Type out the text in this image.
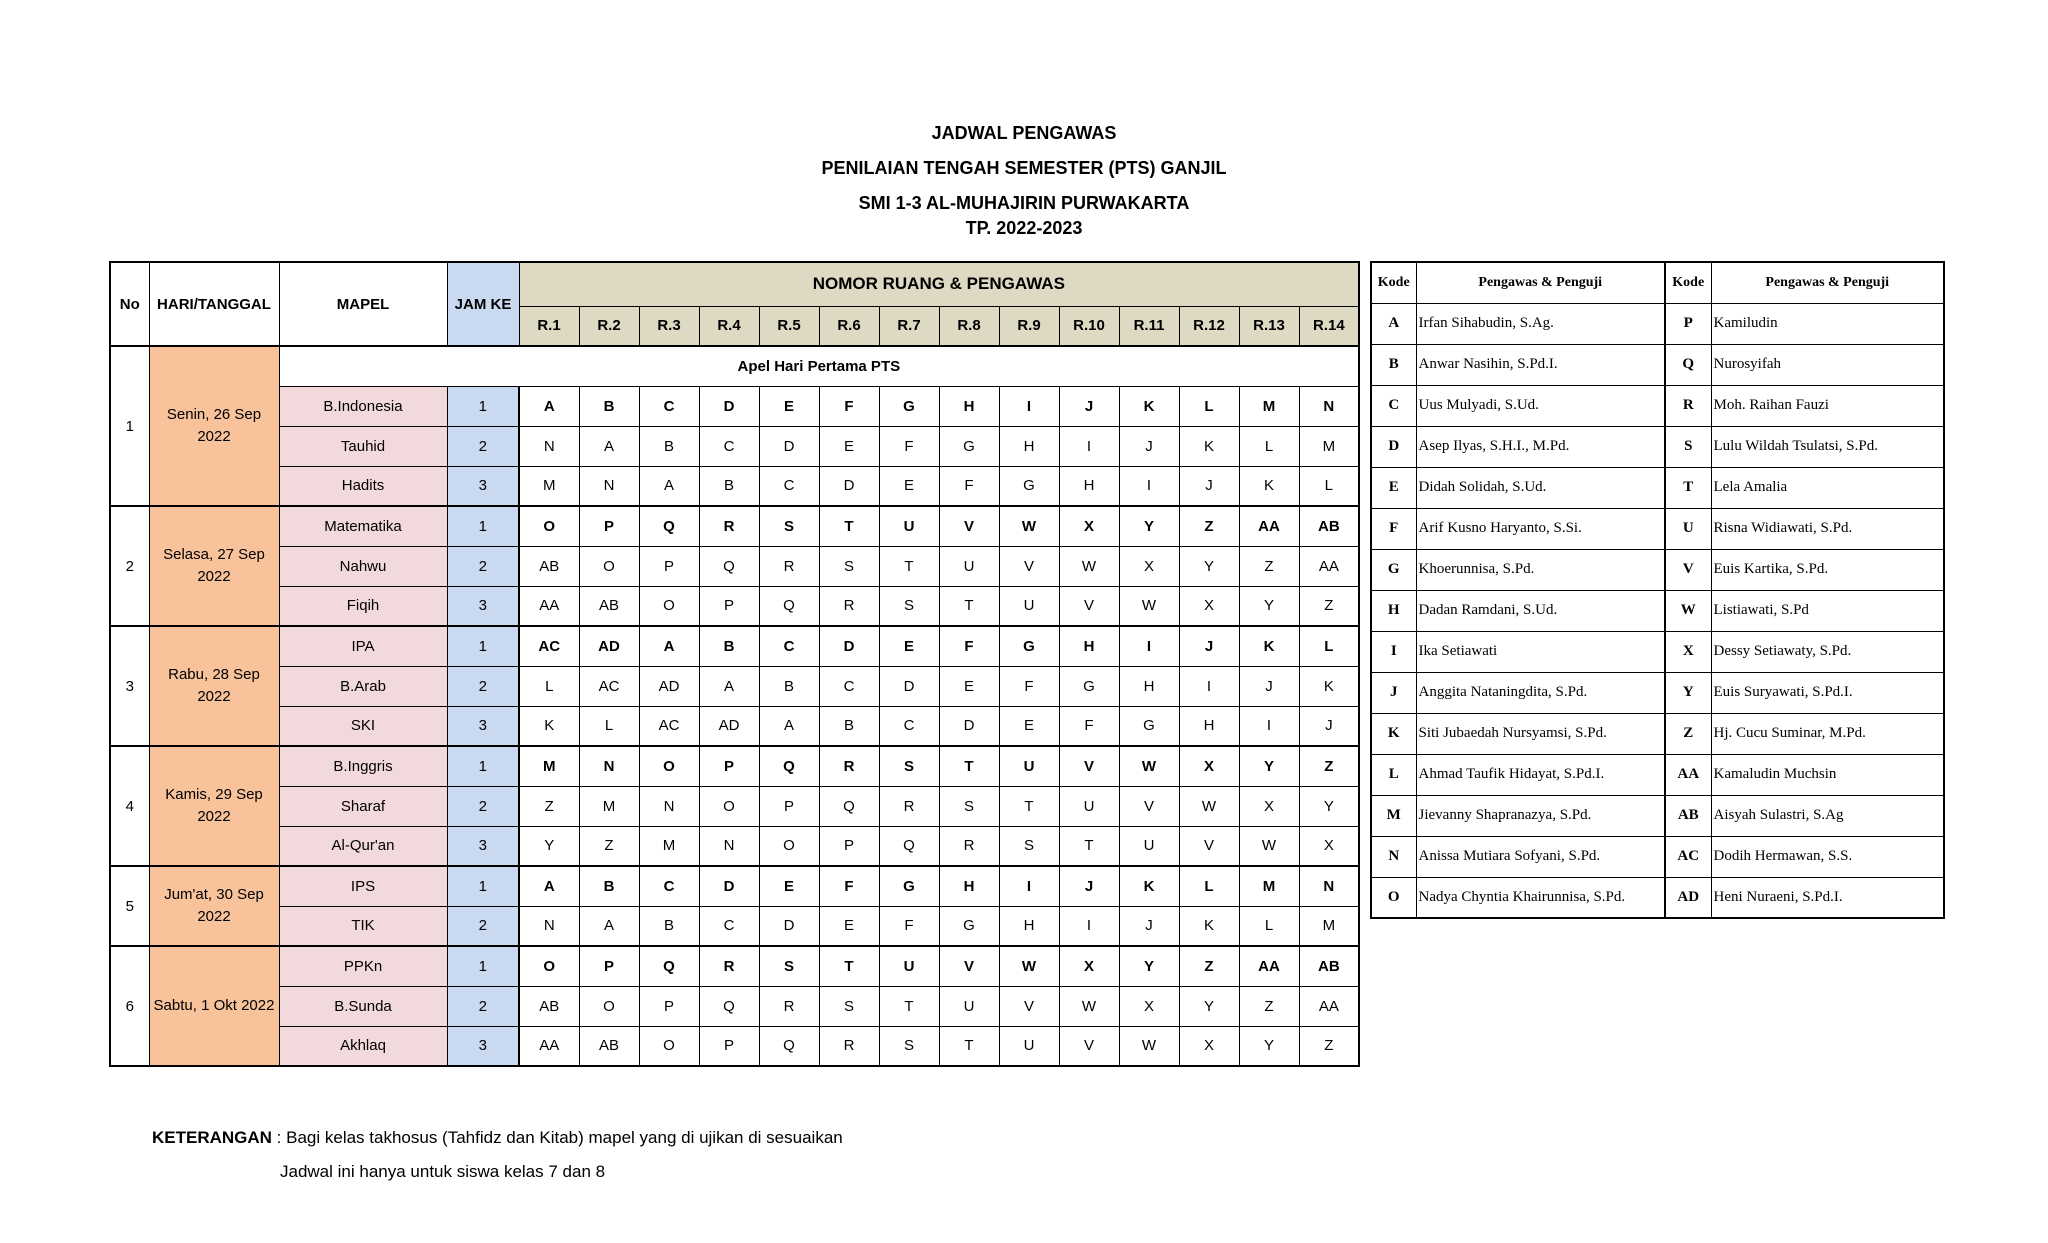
JADWAL PENGAWAS
PENILAIAN TENGAH SEMESTER (PTS) GANJIL
SMI 1-3 AL-MUHAJIRIN PURWAKARTA
TP. 2022-2023
No	HARI/TANGGAL	MAPEL	JAM KE	NOMOR RUANG & PENGAWAS													
				R.1	R.2	R.3	R.4	R.5	R.6	R.7	R.8	R.9	R.10	R.11	R.12	R.13	R.14
1	Senin, 26 Sep 2022	Apel Hari Pertama PTS															
		B.Indonesia	1	A	B	C	D	E	F	G	H	I	J	K	L	M	N
		Tauhid	2	N	A	B	C	D	E	F	G	H	I	J	K	L	M
		Hadits	3	M	N	A	B	C	D	E	F	G	H	I	J	K	L
2	Selasa, 27 Sep 2022	Matematika	1	O	P	Q	R	S	T	U	V	W	X	Y	Z	AA	AB
		Nahwu	2	AB	O	P	Q	R	S	T	U	V	W	X	Y	Z	AA
		Fiqih	3	AA	AB	O	P	Q	R	S	T	U	V	W	X	Y	Z
3	Rabu, 28 Sep 2022	IPA	1	AC	AD	A	B	C	D	E	F	G	H	I	J	K	L
		B.Arab	2	L	AC	AD	A	B	C	D	E	F	G	H	I	J	K
		SKI	3	K	L	AC	AD	A	B	C	D	E	F	G	H	I	J
4	Kamis, 29 Sep 2022	B.Inggris	1	M	N	O	P	Q	R	S	T	U	V	W	X	Y	Z
		Sharaf	2	Z	M	N	O	P	Q	R	S	T	U	V	W	X	Y
		Al-Qur'an	3	Y	Z	M	N	O	P	Q	R	S	T	U	V	W	X
5	Jum'at, 30 Sep 2022	IPS	1	A	B	C	D	E	F	G	H	I	J	K	L	M	N
		TIK	2	N	A	B	C	D	E	F	G	H	I	J	K	L	M
6	Sabtu, 1 Okt 2022	PPKn	1	O	P	Q	R	S	T	U	V	W	X	Y	Z	AA	AB
		B.Sunda	2	AB	O	P	Q	R	S	T	U	V	W	X	Y	Z	AA
		Akhlaq	3	AA	AB	O	P	Q	R	S	T	U	V	W	X	Y	Z
Kode	Pengawas & Penguji	Kode	Pengawas & Penguji
A	Irfan Sihabudin, S.Ag.	P	Kamiludin
B	Anwar Nasihin, S.Pd.I.	Q	Nurosyifah
C	Uus Mulyadi, S.Ud.	R	Moh. Raihan Fauzi
D	Asep Ilyas, S.H.I., M.Pd.	S	Lulu Wildah Tsulatsi, S.Pd.
E	Didah Solidah, S.Ud.	T	Lela Amalia
F	Arif Kusno Haryanto, S.Si.	U	Risna Widiawati, S.Pd.
G	Khoerunnisa, S.Pd.	V	Euis Kartika, S.Pd.
H	Dadan Ramdani, S.Ud.	W	Listiawati, S.Pd
I	Ika Setiawati	X	Dessy Setiawaty, S.Pd.
J	Anggita Nataningdita, S.Pd.	Y	Euis Suryawati, S.Pd.I.
K	Siti Jubaedah Nursyamsi, S.Pd.	Z	Hj. Cucu Suminar, M.Pd.
L	Ahmad Taufik Hidayat, S.Pd.I.	AA	Kamaludin Muchsin
M	Jievanny Shapranazya, S.Pd.	AB	Aisyah Sulastri, S.Ag
N	Anissa Mutiara Sofyani, S.Pd.	AC	Dodih Hermawan, S.S.
O	Nadya Chyntia Khairunnisa, S.Pd.	AD	Heni Nuraeni, S.Pd.I.
KETERANGAN : Bagi kelas takhosus (Tahfidz dan Kitab) mapel yang di ujikan di sesuaikan
Jadwal ini hanya untuk siswa kelas 7 dan 8
